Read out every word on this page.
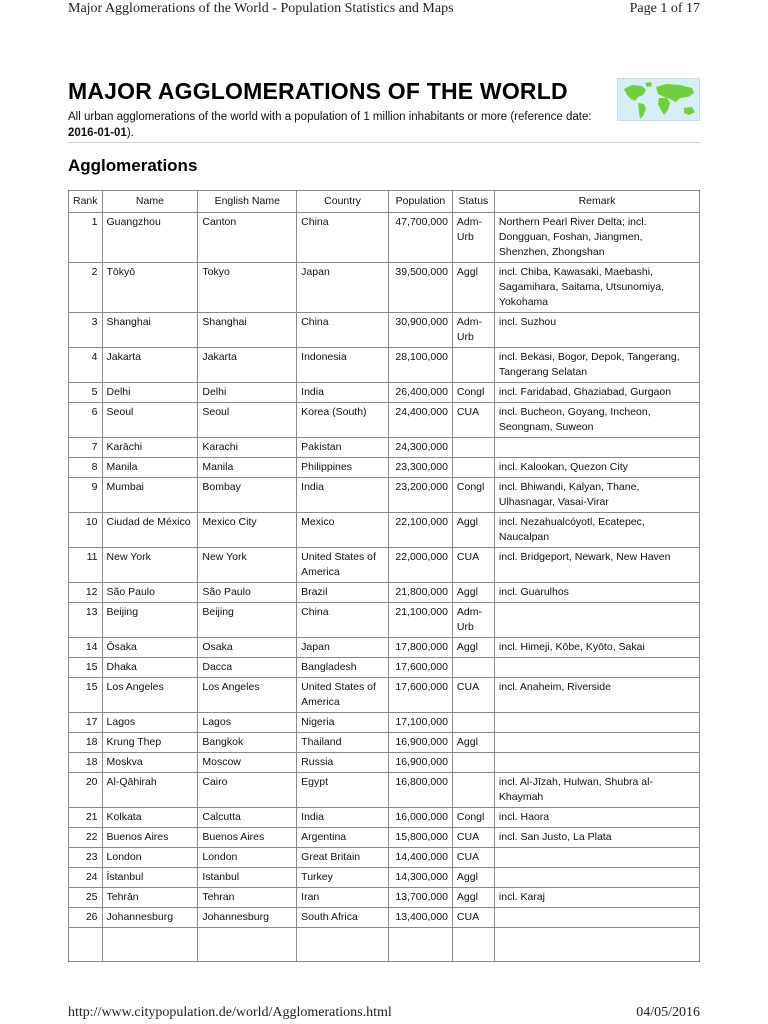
Major Agglomerations of the World - Population Statistics and Maps	Page 1 of 17
MAJOR AGGLOMERATIONS OF THE WORLD
All urban agglomerations of the world with a population of 1 million inhabitants or more (reference date: 2016-01-01).
Agglomerations
Rank	Name	English Name	Country	Population	Status	Remark
1	Guangzhou	Canton	China	47,700,000	Adm-Urb	Northern Pearl River Delta; incl. Dongguan, Foshan, Jiangmen, Shenzhen, Zhongshan
2	Tōkyō	Tokyo	Japan	39,500,000	Aggl	incl. Chiba, Kawasaki, Maebashi, Sagamihara, Saitama, Utsunomiya, Yokohama
3	Shanghai	Shanghai	China	30,900,000	Adm-Urb	incl. Suzhou
4	Jakarta	Jakarta	Indonesia	28,100,000		incl. Bekasi, Bogor, Depok, Tangerang, Tangerang Selatan
5	Delhi	Delhi	India	26,400,000	Congl	incl. Faridabad, Ghaziabad, Gurgaon
6	Seoul	Seoul	Korea (South)	24,400,000	CUA	incl. Bucheon, Goyang, Incheon, Seongnam, Suweon
7	Karāchi	Karachi	Pakistan	24,300,000		
8	Manila	Manila	Philippines	23,300,000		incl. Kalookan, Quezon City
9	Mumbai	Bombay	India	23,200,000	Congl	incl. Bhiwandi, Kalyan, Thane, Ulhasnagar, Vasai-Virar
10	Ciudad de México	Mexico City	Mexico	22,100,000	Aggl	incl. Nezahualcóyotl, Ecatepec, Naucalpan
11	New York	New York	United States of America	22,000,000	CUA	incl. Bridgeport, Newark, New Haven
12	São Paulo	São Paulo	Brazil	21,800,000	Aggl	incl. Guarulhos
13	Beijing	Beijing	China	21,100,000	Adm-Urb	
14	Ōsaka	Osaka	Japan	17,800,000	Aggl	incl. Himeji, Kōbe, Kyōto, Sakai
15	Dhaka	Dacca	Bangladesh	17,600,000		
15	Los Angeles	Los Angeles	United States of America	17,600,000	CUA	incl. Anaheim, Riverside
17	Lagos	Lagos	Nigeria	17,100,000		
18	Krung Thep	Bangkok	Thailand	16,900,000	Aggl	
18	Moskva	Moscow	Russia	16,900,000		
20	Al-Qāhirah	Cairo	Egypt	16,800,000		incl. Al-Jīzah, Hulwan, Shubra al-Khaymah
21	Kolkata	Calcutta	India	16,000,000	Congl	incl. Haora
22	Buenos Aires	Buenos Aires	Argentina	15,800,000	CUA	incl. San Justo, La Plata
23	London	London	Great Britain	14,400,000	CUA	
24	İstanbul	Istanbul	Turkey	14,300,000	Aggl	
25	Tehrān	Tehran	Iran	13,700,000	Aggl	incl. Karaj
26	Johannesburg	Johannesburg	South Africa	13,400,000	CUA	

http://www.citypopulation.de/world/Agglomerations.html	04/05/2016
